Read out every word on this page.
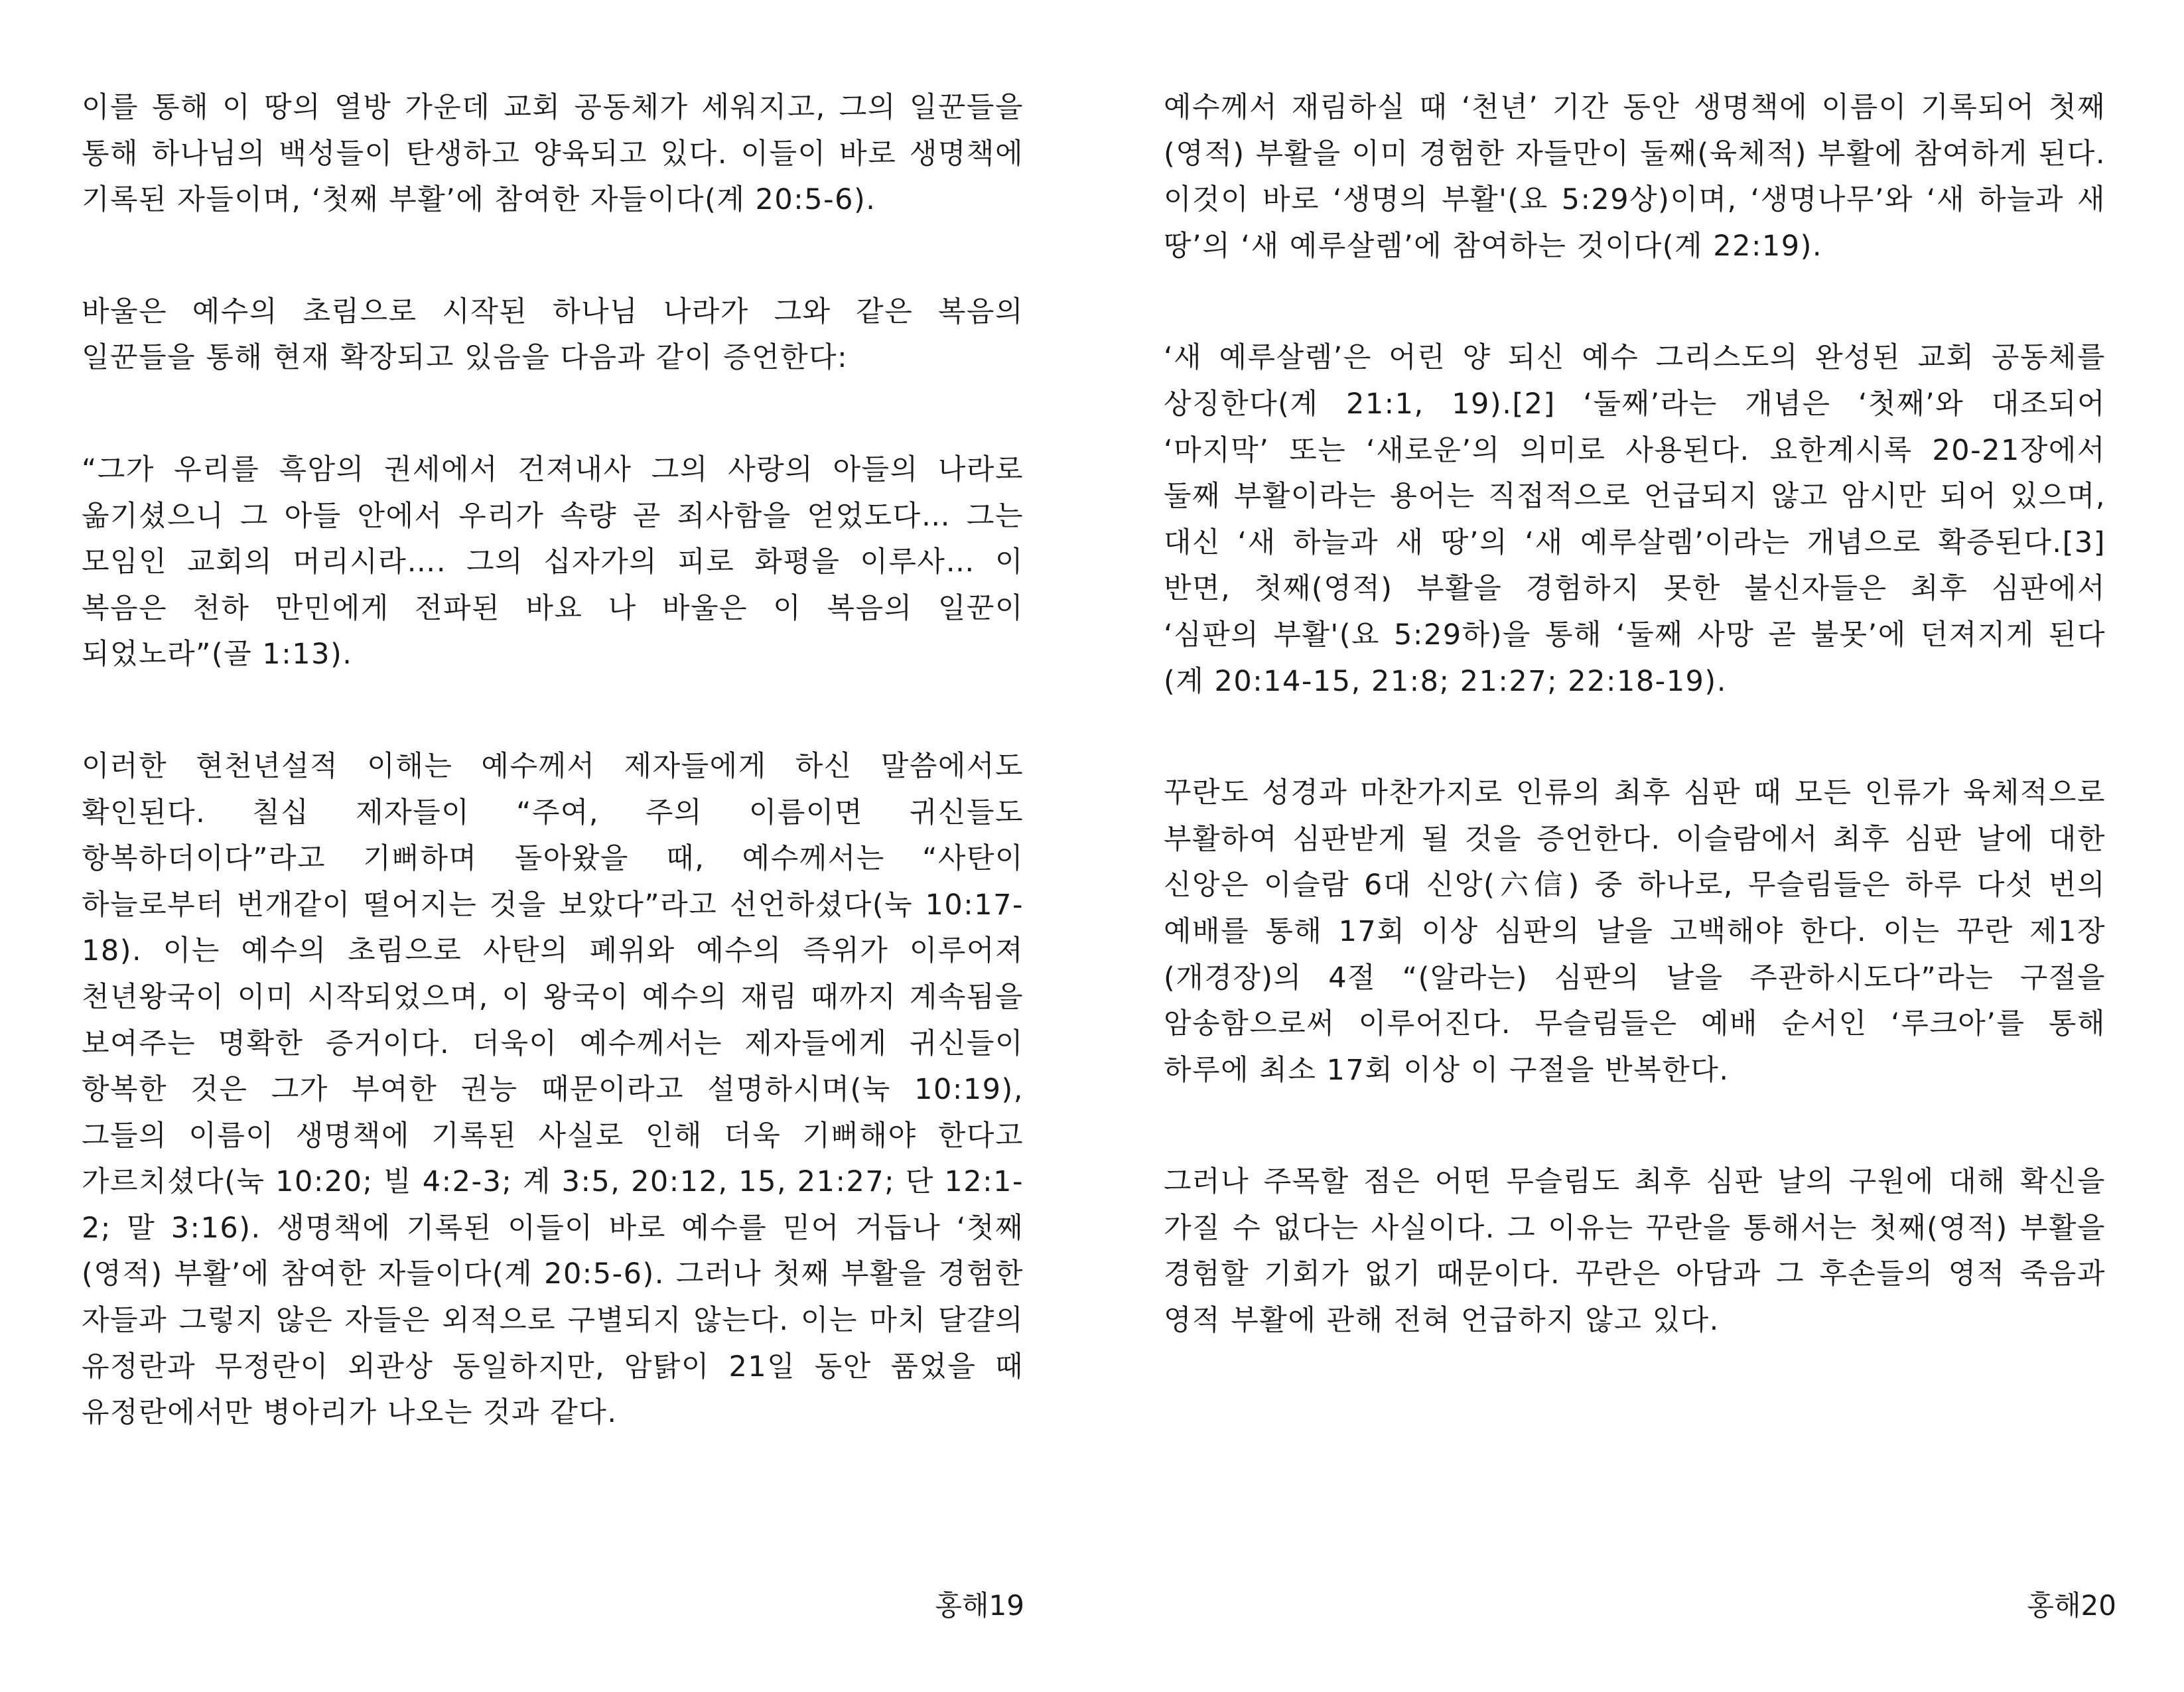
이를 통해 이 땅의 열방 가운데 교회 공동체가 세워지고, 그의 일꾼들을 통해 하나님의 백성들이 탄생하고 양육되고 있다. 이들이 바로 생명책에 기록된 자들이며, ‘첫째 부활’에 참여한 자들이다(계 20:5-6).

바울은 예수의 초림으로 시작된 하나님 나라가 그와 같은 복음의 일꾼들을 통해 현재 확장되고 있음을 다음과 같이 증언한다:

“그가 우리를 흑암의 권세에서 건져내사 그의 사랑의 아들의 나라로 옮기셨으니 그 아들 안에서 우리가 속량 곧 죄사함을 얻었도다… 그는 모임인 교회의 머리시라…. 그의 십자가의 피로 화평을 이루사… 이 복음은 천하 만민에게 전파된 바요 나 바울은 이 복음의 일꾼이 되었노라”(골 1:13).

이러한 현천년설적 이해는 예수께서 제자들에게 하신 말씀에서도 확인된다. 칠십 제자들이 “주여, 주의 이름이면 귀신들도 항복하더이다”라고 기뻐하며 돌아왔을 때, 예수께서는 “사탄이 하늘로부터 번개같이 떨어지는 것을 보았다”라고 선언하셨다(눅 10:17-18). 이는 예수의 초림으로 사탄의 폐위와 예수의 즉위가 이루어져 천년왕국이 이미 시작되었으며, 이 왕국이 예수의 재림 때까지 계속됨을 보여주는 명확한 증거이다. 더욱이 예수께서는 제자들에게 귀신들이 항복한 것은 그가 부여한 권능 때문이라고 설명하시며(눅 10:19), 그들의 이름이 생명책에 기록된 사실로 인해 더욱 기뻐해야 한다고 가르치셨다(눅 10:20; 빌 4:2-3; 계 3:5, 20:12, 15, 21:27; 단 12:1-2; 말 3:16). 생명책에 기록된 이들이 바로 예수를 믿어 거듭나 ‘첫째(영적) 부활’에 참여한 자들이다(계 20:5-6). 그러나 첫째 부활을 경험한 자들과 그렇지 않은 자들은 외적으로 구별되지 않는다. 이는 마치 달걀의 유정란과 무정란이 외관상 동일하지만, 암탉이 21일 동안 품었을 때 유정란에서만 병아리가 나오는 것과 같다.

홍해19

예수께서 재림하실 때 ‘천년’ 기간 동안 생명책에 이름이 기록되어 첫째(영적) 부활을 이미 경험한 자들만이 둘째(육체적) 부활에 참여하게 된다. 이것이 바로 ‘생명의 부활'(요 5:29상)이며, ‘생명나무’와 ‘새 하늘과 새 땅’의 ‘새 예루살렘’에 참여하는 것이다(계 22:19).

‘새 예루살렘’은 어린 양 되신 예수 그리스도의 완성된 교회 공동체를 상징한다(계 21:1, 19).[2] ‘둘째’라는 개념은 ‘첫째’와 대조되어 ‘마지막’ 또는 ‘새로운’의 의미로 사용된다. 요한계시록 20-21장에서 둘째 부활이라는 용어는 직접적으로 언급되지 않고 암시만 되어 있으며, 대신 ‘새 하늘과 새 땅’의 ‘새 예루살렘’이라는 개념으로 확증된다.[3] 반면, 첫째(영적) 부활을 경험하지 못한 불신자들은 최후 심판에서 ‘심판의 부활'(요 5:29하)을 통해 ‘둘째 사망 곧 불못’에 던져지게 된다(계 20:14-15, 21:8; 21:27; 22:18-19).

꾸란도 성경과 마찬가지로 인류의 최후 심판 때 모든 인류가 육체적으로 부활하여 심판받게 될 것을 증언한다. 이슬람에서 최후 심판 날에 대한 신앙은 이슬람 6대 신앙(六信) 중 하나로, 무슬림들은 하루 다섯 번의 예배를 통해 17회 이상 심판의 날을 고백해야 한다. 이는 꾸란 제1장(개경장)의 4절 “(알라는) 심판의 날을 주관하시도다”라는 구절을 암송함으로써 이루어진다. 무슬림들은 예배 순서인 ‘루크아’를 통해 하루에 최소 17회 이상 이 구절을 반복한다.

그러나 주목할 점은 어떤 무슬림도 최후 심판 날의 구원에 대해 확신을 가질 수 없다는 사실이다. 그 이유는 꾸란을 통해서는 첫째(영적) 부활을 경험할 기회가 없기 때문이다. 꾸란은 아담과 그 후손들의 영적 죽음과 영적 부활에 관해 전혀 언급하지 않고 있다.

홍해20
